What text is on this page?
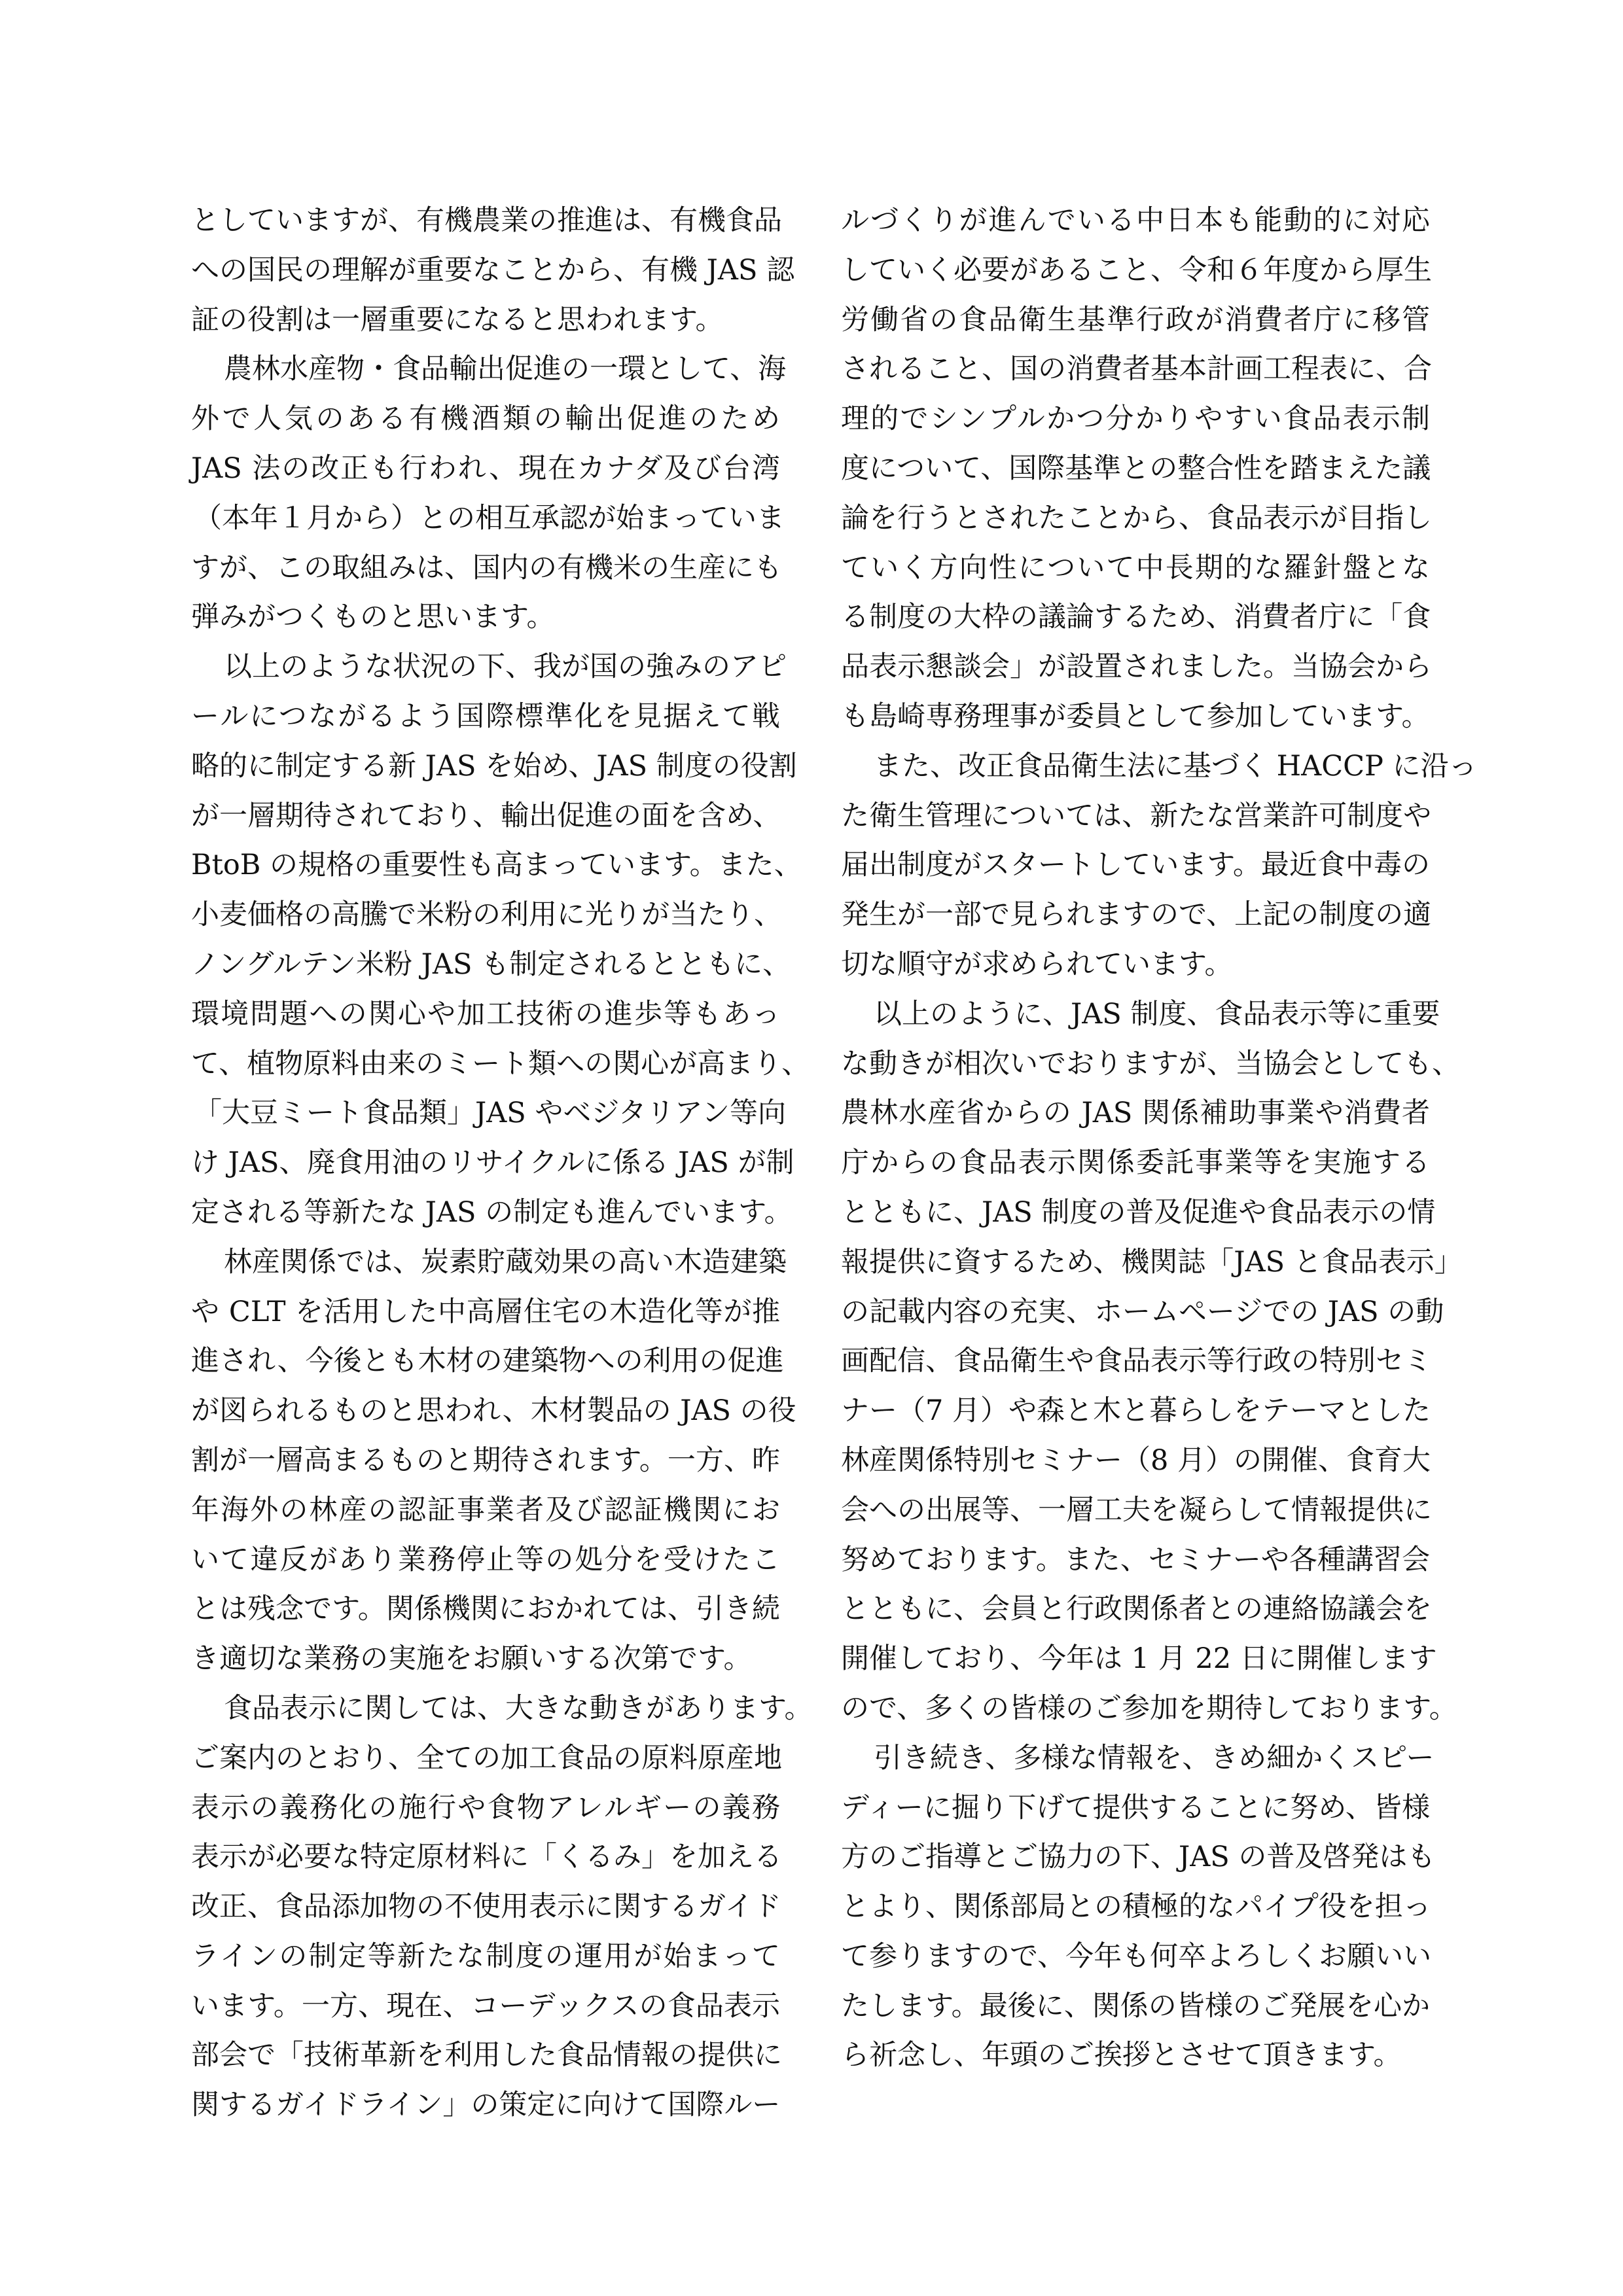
としていますが、有機農業の推進は、有機食品
への国民の理解が重要なことから、有機 JAS 認
証の役割は一層重要になると思われます。
農林水産物・食品輸出促進の一環として、海
外で人気のある有機酒類の輸出促進のため
JAS 法の改正も行われ、現在カナダ及び台湾
（本年１月から）との相互承認が始まっていま
すが、この取組みは、国内の有機米の生産にも
弾みがつくものと思います。
以上のような状況の下、我が国の強みのアピ
ールにつながるよう国際標準化を見据えて戦
略的に制定する新 JAS を始め、JAS 制度の役割
が一層期待されており、輸出促進の面を含め、
BtoB の規格の重要性も高まっています。また、
小麦価格の高騰で米粉の利用に光りが当たり、
ノングルテン米粉 JAS も制定されるとともに、
環境問題への関心や加工技術の進歩等もあっ
て、植物原料由来のミート類への関心が高まり、
「大豆ミート食品類」JAS やベジタリアン等向
け JAS、廃食用油のリサイクルに係る JAS が制
定される等新たな JAS の制定も進んでいます。
林産関係では、炭素貯蔵効果の高い木造建築
や CLT を活用した中高層住宅の木造化等が推
進され、今後とも木材の建築物への利用の促進
が図られるものと思われ、木材製品の JAS の役
割が一層高まるものと期待されます。一方、昨
年海外の林産の認証事業者及び認証機関にお
いて違反があり業務停止等の処分を受けたこ
とは残念です。関係機関におかれては、引き続
き適切な業務の実施をお願いする次第です。
食品表示に関しては、大きな動きがあります。
ご案内のとおり、全ての加工食品の原料原産地
表示の義務化の施行や食物アレルギーの義務
表示が必要な特定原材料に「くるみ」を加える
改正、食品添加物の不使用表示に関するガイド
ラインの制定等新たな制度の運用が始まって
います。一方、現在、コーデックスの食品表示
部会で「技術革新を利用した食品情報の提供に
関するガイドライン」の策定に向けて国際ルー
ルづくりが進んでいる中日本も能動的に対応
していく必要があること、令和６年度から厚生
労働省の食品衛生基準行政が消費者庁に移管
されること、国の消費者基本計画工程表に、合
理的でシンプルかつ分かりやすい食品表示制
度について、国際基準との整合性を踏まえた議
論を行うとされたことから、食品表示が目指し
ていく方向性について中長期的な羅針盤とな
る制度の大枠の議論するため、消費者庁に「食
品表示懇談会」が設置されました。当協会から
も島崎専務理事が委員として参加しています。
また、改正食品衛生法に基づく HACCP に沿っ
た衛生管理については、新たな営業許可制度や
届出制度がスタートしています。最近食中毒の
発生が一部で見られますので、上記の制度の適
切な順守が求められています。
以上のように、JAS 制度、食品表示等に重要
な動きが相次いでおりますが、当協会としても、
農林水産省からの JAS 関係補助事業や消費者
庁からの食品表示関係委託事業等を実施する
とともに、JAS 制度の普及促進や食品表示の情
報提供に資するため、機関誌「JAS と食品表示」
の記載内容の充実、ホームページでの JAS の動
画配信、食品衛生や食品表示等行政の特別セミ
ナー（7 月）や森と木と暮らしをテーマとした
林産関係特別セミナー（8 月）の開催、食育大
会への出展等、一層工夫を凝らして情報提供に
努めております。また、セミナーや各種講習会
とともに、会員と行政関係者との連絡協議会を
開催しており、今年は 1 月 22 日に開催します
ので、多くの皆様のご参加を期待しております。
引き続き、多様な情報を、きめ細かくスピー
ディーに掘り下げて提供することに努め、皆様
方のご指導とご協力の下、JAS の普及啓発はも
とより、関係部局との積極的なパイプ役を担っ
て参りますので、今年も何卒よろしくお願いい
たします。最後に、関係の皆様のご発展を心か
ら祈念し、年頭のご挨拶とさせて頂きます。
